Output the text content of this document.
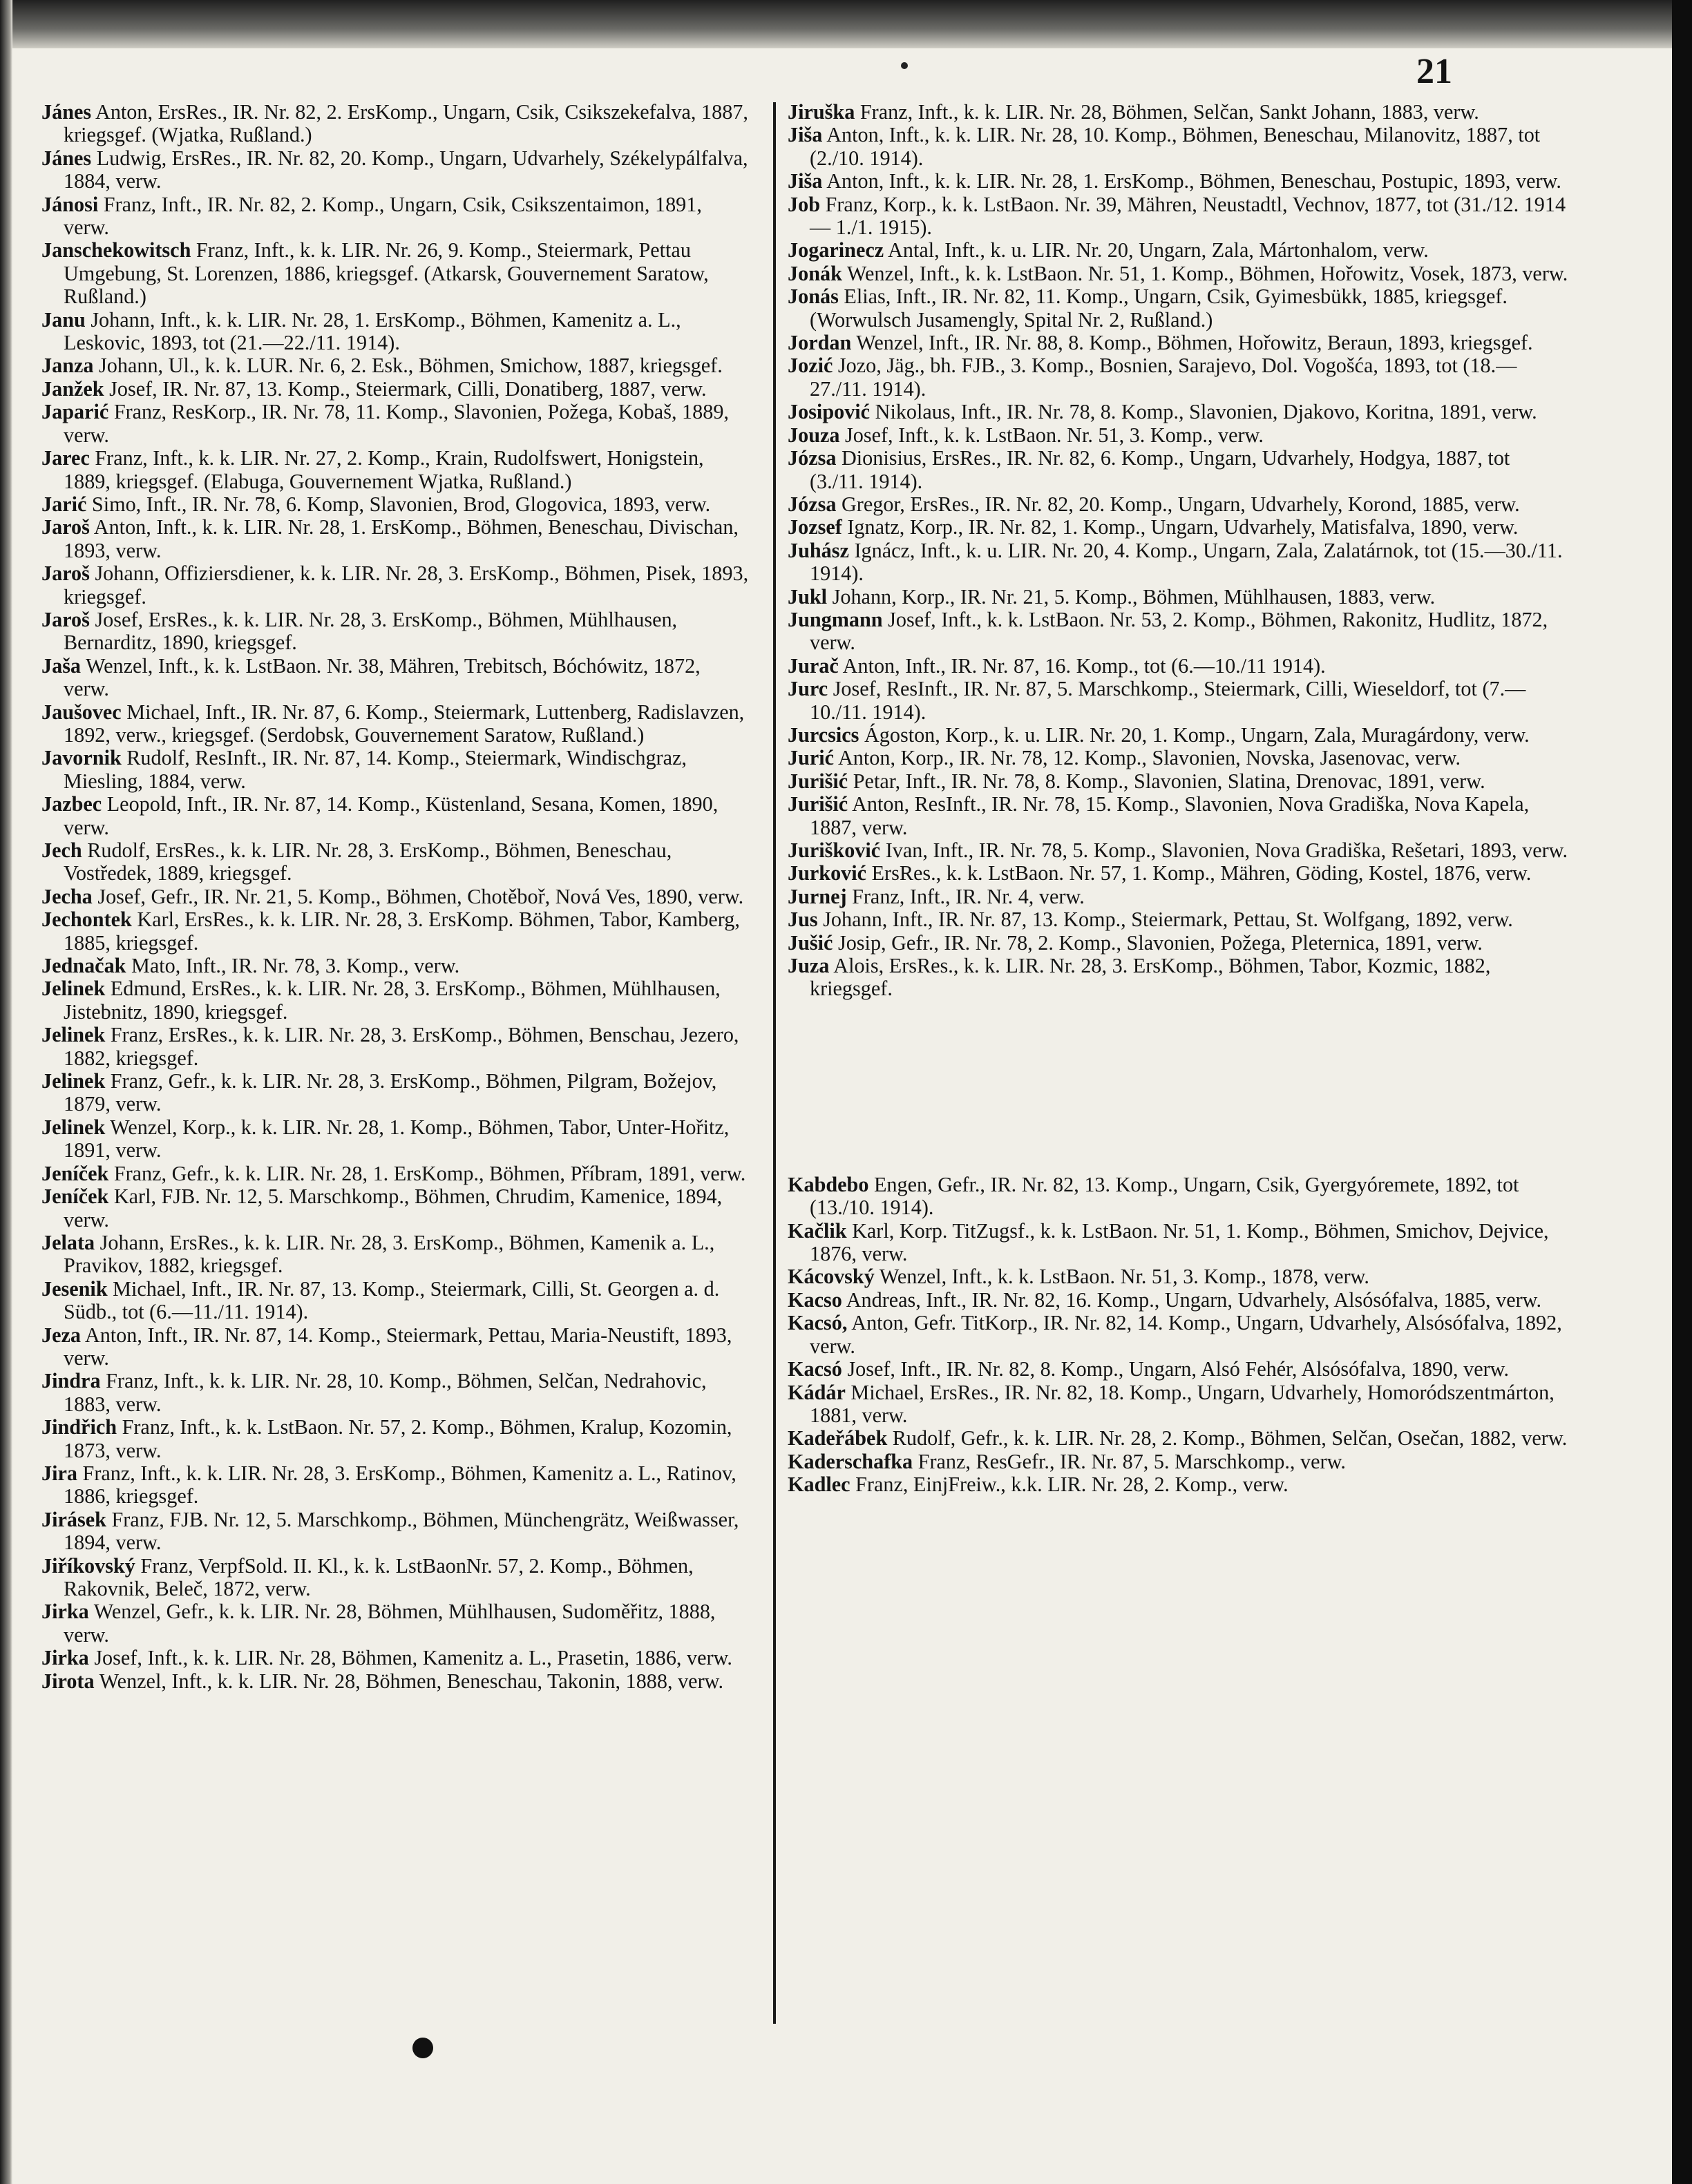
21

Jánes Anton, ErsRes., IR. Nr. 82, 2. ErsKomp., Ungarn, Csik, Csikszekefalva, 1887, kriegsgef. (Wjatka, Rußland.)

Jánes Ludwig, ErsRes., IR. Nr. 82, 20. Komp., Ungarn, Udvarhely, Székelypálfalva, 1884, verw.

Jánosi Franz, Inft., IR. Nr. 82, 2. Komp., Ungarn, Csik, Csikszentaimon, 1891, verw.

Janschekowitsch Franz, Inft., k. k. LIR. Nr. 26, 9. Komp., Steiermark, Pettau Umgebung, St. Lorenzen, 1886, kriegsgef. (Atkarsk, Gouvernement Saratow, Rußland.)

Janu Johann, Inft., k. k. LIR. Nr. 28, 1. ErsKomp., Böhmen, Kamenitz a. L., Leskovic, 1893, tot (21.—22./11. 1914).

Janza Johann, Ul., k. k. LUR. Nr. 6, 2. Esk., Böhmen, Smichow, 1887, kriegsgef.

Janžek Josef, IR. Nr. 87, 13. Komp., Steiermark, Cilli, Donatiberg, 1887, verw.

Japarić Franz, ResKorp., IR. Nr. 78, 11. Komp., Slavonien, Požega, Kobaš, 1889, verw.

Jarec Franz, Inft., k. k. LIR. Nr. 27, 2. Komp., Krain, Rudolfswert, Honigstein, 1889, kriegsgef. (Elabuga, Gouvernement Wjatka, Rußland.)

Jarić Simo, Inft., IR. Nr. 78, 6. Komp, Slavonien, Brod, Glogovica, 1893, verw.

Jaroš Anton, Inft., k. k. LIR. Nr. 28, 1. ErsKomp., Böhmen, Beneschau, Divischan, 1893, verw.

Jaroš Johann, Offiziersdiener, k. k. LIR. Nr. 28, 3. ErsKomp., Böhmen, Pisek, 1893, kriegsgef.

Jaroš Josef, ErsRes., k. k. LIR. Nr. 28, 3. ErsKomp., Böhmen, Mühlhausen, Bernarditz, 1890, kriegsgef.

Jaša Wenzel, Inft., k. k. LstBaon. Nr. 38, Mähren, Trebitsch, Bóchówitz, 1872, verw.

Jaušovec Michael, Inft., IR. Nr. 87, 6. Komp., Steiermark, Luttenberg, Radislavzen, 1892, verw., kriegsgef. (Serdobsk, Gouvernement Saratow, Rußland.)

Javornik Rudolf, ResInft., IR. Nr. 87, 14. Komp., Steiermark, Windischgraz, Miesling, 1884, verw.

Jazbec Leopold, Inft., IR. Nr. 87, 14. Komp., Küstenland, Sesana, Komen, 1890, verw.

Jech Rudolf, ErsRes., k. k. LIR. Nr. 28, 3. ErsKomp., Böhmen, Beneschau, Vostředek, 1889, kriegsgef.

Jecha Josef, Gefr., IR. Nr. 21, 5. Komp., Böhmen, Chotěboř, Nová Ves, 1890, verw.

Jechontek Karl, ErsRes., k. k. LIR. Nr. 28, 3. ErsKomp. Böhmen, Tabor, Kamberg, 1885, kriegsgef.

Jednačak Mato, Inft., IR. Nr. 78, 3. Komp., verw.

Jelinek Edmund, ErsRes., k. k. LIR. Nr. 28, 3. ErsKomp., Böhmen, Mühlhausen, Jistebnitz, 1890, kriegsgef.

Jelinek Franz, ErsRes., k. k. LIR. Nr. 28, 3. ErsKomp., Böhmen, Benschau, Jezero, 1882, kriegsgef.

Jelinek Franz, Gefr., k. k. LIR. Nr. 28, 3. ErsKomp., Böhmen, Pilgram, Božejov, 1879, verw.

Jelinek Wenzel, Korp., k. k. LIR. Nr. 28, 1. Komp., Böhmen, Tabor, Unter-Hořitz, 1891, verw.

Jeníček Franz, Gefr., k. k. LIR. Nr. 28, 1. ErsKomp., Böhmen, Příbram, 1891, verw.

Jeníček Karl, FJB. Nr. 12, 5. Marschkomp., Böhmen, Chrudim, Kamenice, 1894, verw.

Jelata Johann, ErsRes., k. k. LIR. Nr. 28, 3. ErsKomp., Böhmen, Kamenik a. L., Pravikov, 1882, kriegsgef.

Jesenik Michael, Inft., IR. Nr. 87, 13. Komp., Steiermark, Cilli, St. Georgen a. d. Südb., tot (6.—11./11. 1914).

Jeza Anton, Inft., IR. Nr. 87, 14. Komp., Steiermark, Pettau, Maria-Neustift, 1893, verw.

Jindra Franz, Inft., k. k. LIR. Nr. 28, 10. Komp., Böhmen, Selčan, Nedrahovic, 1883, verw.

Jindřich Franz, Inft., k. k. LstBaon. Nr. 57, 2. Komp., Böhmen, Kralup, Kozomin, 1873, verw.

Jira Franz, Inft., k. k. LIR. Nr. 28, 3. ErsKomp., Böhmen, Kamenitz a. L., Ratinov, 1886, kriegsgef.

Jirásek Franz, FJB. Nr. 12, 5. Marschkomp., Böhmen, Münchengrätz, Weißwasser, 1894, verw.

Jiříkovský Franz, VerpfSold. II. Kl., k. k. LstBaonNr. 57, 2. Komp., Böhmen, Rakovnik, Beleč, 1872, verw.

Jirka Wenzel, Gefr., k. k. LIR. Nr. 28, Böhmen, Mühlhausen, Sudoměřitz, 1888, verw.

Jirka Josef, Inft., k. k. LIR. Nr. 28, Böhmen, Kamenitz a. L., Prasetin, 1886, verw.

Jirota Wenzel, Inft., k. k. LIR. Nr. 28, Böhmen, Beneschau, Takonin, 1888, verw.

Jiruška Franz, Inft., k. k. LIR. Nr. 28, Böhmen, Selčan, Sankt Johann, 1883, verw.

Jiša Anton, Inft., k. k. LIR. Nr. 28, 10. Komp., Böhmen, Beneschau, Milanovitz, 1887, tot (2./10. 1914).

Jiša Anton, Inft., k. k. LIR. Nr. 28, 1. ErsKomp., Böhmen, Beneschau, Postupic, 1893, verw.

Job Franz, Korp., k. k. LstBaon. Nr. 39, Mähren, Neustadtl, Vechnov, 1877, tot (31./12. 1914 — 1./1. 1915).

Jogarinecz Antal, Inft., k. u. LIR. Nr. 20, Ungarn, Zala, Mártonhalom, verw.

Jonák Wenzel, Inft., k. k. LstBaon. Nr. 51, 1. Komp., Böhmen, Hořowitz, Vosek, 1873, verw.

Jonás Elias, Inft., IR. Nr. 82, 11. Komp., Ungarn, Csik, Gyimesbükk, 1885, kriegsgef. (Worwulsch Jusamengly, Spital Nr. 2, Rußland.)

Jordan Wenzel, Inft., IR. Nr. 88, 8. Komp., Böhmen, Hořowitz, Beraun, 1893, kriegsgef.

Jozić Jozo, Jäg., bh. FJB., 3. Komp., Bosnien, Sarajevo, Dol. Vogošća, 1893, tot (18.—27./11. 1914).

Josipović Nikolaus, Inft., IR. Nr. 78, 8. Komp., Slavonien, Djakovo, Koritna, 1891, verw.

Jouza Josef, Inft., k. k. LstBaon. Nr. 51, 3. Komp., verw.

Józsa Dionisius, ErsRes., IR. Nr. 82, 6. Komp., Ungarn, Udvarhely, Hodgya, 1887, tot (3./11. 1914).

Józsa Gregor, ErsRes., IR. Nr. 82, 20. Komp., Ungarn, Udvarhely, Korond, 1885, verw.

Jozsef Ignatz, Korp., IR. Nr. 82, 1. Komp., Ungarn, Udvarhely, Matisfalva, 1890, verw.

Juhász Ignácz, Inft., k. u. LIR. Nr. 20, 4. Komp., Ungarn, Zala, Zalatárnok, tot (15.—30./11. 1914).

Jukl Johann, Korp., IR. Nr. 21, 5. Komp., Böhmen, Mühlhausen, 1883, verw.

Jungmann Josef, Inft., k. k. LstBaon. Nr. 53, 2. Komp., Böhmen, Rakonitz, Hudlitz, 1872, verw.

Jurač Anton, Inft., IR. Nr. 87, 16. Komp., tot (6.—10./11 1914).

Jurc Josef, ResInft., IR. Nr. 87, 5. Marschkomp., Steiermark, Cilli, Wieseldorf, tot (7.—10./11. 1914).

Jurcsics Ágoston, Korp., k. u. LIR. Nr. 20, 1. Komp., Ungarn, Zala, Muragárdony, verw.

Jurić Anton, Korp., IR. Nr. 78, 12. Komp., Slavonien, Novska, Jasenovac, verw.

Jurišić Petar, Inft., IR. Nr. 78, 8. Komp., Slavonien, Slatina, Drenovac, 1891, verw.

Jurišić Anton, ResInft., IR. Nr. 78, 15. Komp., Slavonien, Nova Gradiška, Nova Kapela, 1887, verw.

Jurišković Ivan, Inft., IR. Nr. 78, 5. Komp., Slavonien, Nova Gradiška, Rešetari, 1893, verw.

Jurković ErsRes., k. k. LstBaon. Nr. 57, 1. Komp., Mähren, Göding, Kostel, 1876, verw.

Jurnej Franz, Inft., IR. Nr. 4, verw.

Jus Johann, Inft., IR. Nr. 87, 13. Komp., Steiermark, Pettau, St. Wolfgang, 1892, verw.

Jušić Josip, Gefr., IR. Nr. 78, 2. Komp., Slavonien, Požega, Pleternica, 1891, verw.

Juza Alois, ErsRes., k. k. LIR. Nr. 28, 3. ErsKomp., Böhmen, Tabor, Kozmic, 1882, kriegsgef.

Kabdebo Engen, Gefr., IR. Nr. 82, 13. Komp., Ungarn, Csik, Gyergyóremete, 1892, tot (13./10. 1914).

Kačlik Karl, Korp. TitZugsf., k. k. LstBaon. Nr. 51, 1. Komp., Böhmen, Smichov, Dejvice, 1876, verw.

Kácovský Wenzel, Inft., k. k. LstBaon. Nr. 51, 3. Komp., 1878, verw.

Kacso Andreas, Inft., IR. Nr. 82, 16. Komp., Ungarn, Udvarhely, Alsósófalva, 1885, verw.

Kacsó, Anton, Gefr. TitKorp., IR. Nr. 82, 14. Komp., Ungarn, Udvarhely, Alsósófalva, 1892, verw.

Kacsó Josef, Inft., IR. Nr. 82, 8. Komp., Ungarn, Alsó Fehér, Alsósófalva, 1890, verw.

Kádár Michael, ErsRes., IR. Nr. 82, 18. Komp., Ungarn, Udvarhely, Homoródszentmárton, 1881, verw.

Kadeřábek Rudolf, Gefr., k. k. LIR. Nr. 28, 2. Komp., Böhmen, Selčan, Osečan, 1882, verw.

Kaderschafka Franz, ResGefr., IR. Nr. 87, 5. Marschkomp., verw.

Kadlec Franz, EinjFreiw., k.k. LIR. Nr. 28, 2. Komp., verw.
